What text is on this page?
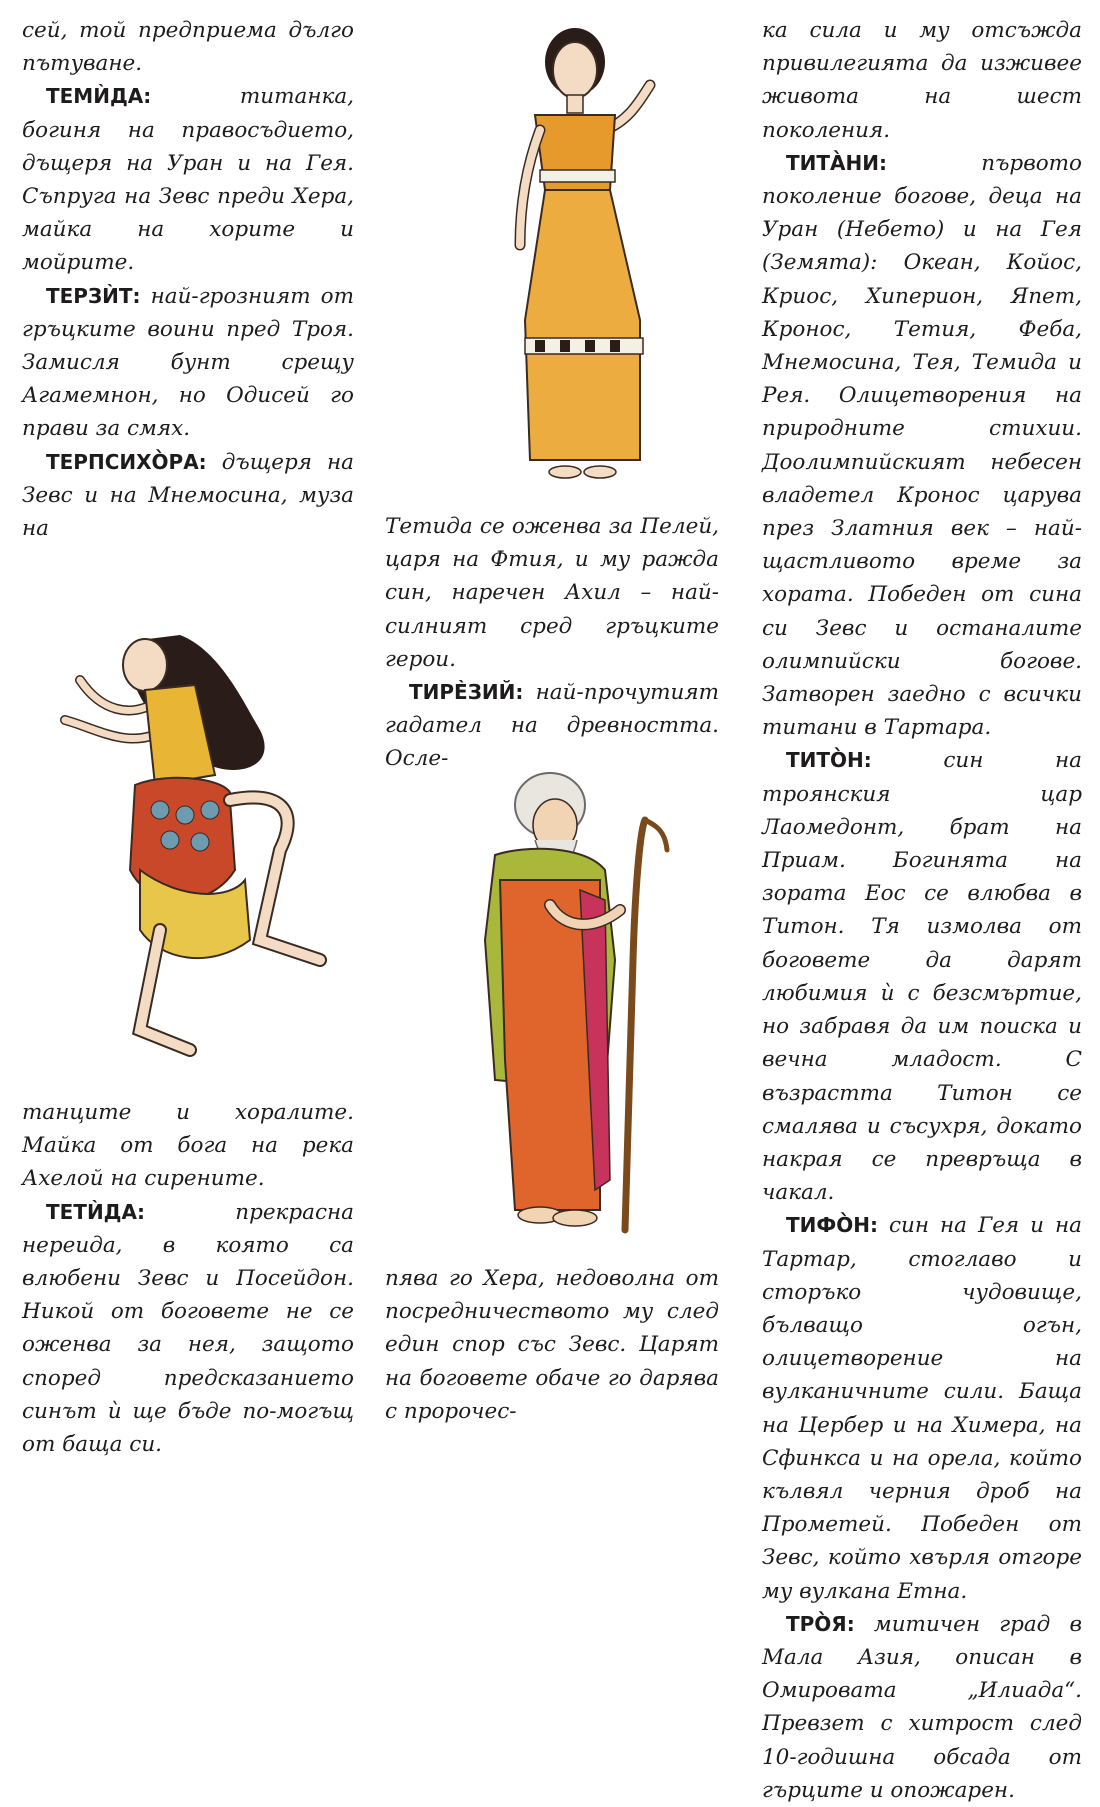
сей, той предприема дълго пътуване.

ТЕМЍДА: титанка, богиня на правосъдието, дъщеря на Уран и на Гея. Съпруга на Зевс преди Хера, майка на хорите и мойрите.

ТЕРЗЍТ: най-грозният от гръцките воини пред Троя. Замисля бунт срещу Агамемнон, но Одисей го прави за смях.

ТЕРПСИХО̀РА: дъщеря на Зевс и на Мнемосина, муза на

танците и хоралите. Майка от бога на река Ахелой на сирените.

ТЕТЍДА: прекрасна нереида, в която са влюбени Зевс и Посейдон. Никой от боговете не се оженва за нея, защото според предсказанието синът ѝ ще бъде по-могъщ от баща си.

Тетида се оженва за Пелей, царя на Фтия, и му ражда син, наречен Ахил – най-силният сред гръцките герои.

ТИРЀЗИЙ: най-прочутият гадател на древността. Осле-

пява го Хера, недоволна от посредничеството му след един спор със Зевс. Царят на боговете обаче го дарява с пророчес-

ка сила и му отсъжда привилегията да изживее живота на шест поколения.

ТИТА̀НИ: първото поколение богове, деца на Уран (Небето) и на Гея (Земята): Океан, Койос, Криос, Хиперион, Япет, Кронос, Тетия, Феба, Мнемосина, Тея, Темида и Рея. Олицетворения на природните стихии. Доолимпийският небесен владетел Кронос царува през Златния век – най-щастливото време за хората. Победен от сина си Зевс и останалите олимпийски богове. Затворен заедно с всички титани в Тартара.

ТИТО̀Н: син на троянския цар Лаомедонт, брат на Приам. Богинята на зората Еос се влюбва в Титон. Тя измолва от боговете да дарят любимия ѝ с безсмъртие, но забравя да им поиска и вечна младост. С възрастта Титон се смалява и съсухря, докато накрая се превръща в чакал.

ТИФО̀Н: син на Гея и на Тартар, стоглаво и сторъко чудовище, бълващо огън, олицетворение на вулканичните сили. Баща на Цербер и на Химера, на Сфинкса и на орела, който кълвял черния дроб на Прометей. Победен от Зевс, който хвърля отгоре му вулкана Етна.

ТРО̀Я: митичен град в Мала Азия, описан в Омировата „Илиада“. Превзет с хитрост след 10-годишна обсада от гърците и опожарен.
